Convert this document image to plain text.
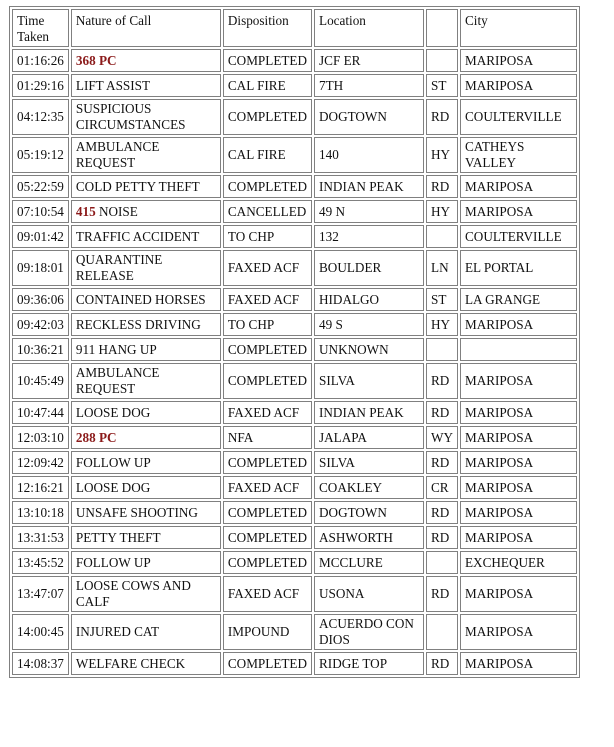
Time Taken	Nature of Call	Disposition	Location		City
01:16:26	368 PC	COMPLETED	JCF ER		MARIPOSA
01:29:16	LIFT ASSIST	CAL FIRE	7TH	ST	MARIPOSA
04:12:35	SUSPICIOUS CIRCUMSTANCES	COMPLETED	DOGTOWN	RD	COULTERVILLE
05:19:12	AMBULANCE REQUEST	CAL FIRE	140	HY	CATHEYS VALLEY
05:22:59	COLD PETTY THEFT	COMPLETED	INDIAN PEAK	RD	MARIPOSA
07:10:54	415 NOISE	CANCELLED	49 N	HY	MARIPOSA
09:01:42	TRAFFIC ACCIDENT	TO CHP	132		COULTERVILLE
09:18:01	QUARANTINE RELEASE	FAXED ACF	BOULDER	LN	EL PORTAL
09:36:06	CONTAINED HORSES	FAXED ACF	HIDALGO	ST	LA GRANGE
09:42:03	RECKLESS DRIVING	TO CHP	49 S	HY	MARIPOSA
10:36:21	911 HANG UP	COMPLETED	UNKNOWN		
10:45:49	AMBULANCE REQUEST	COMPLETED	SILVA	RD	MARIPOSA
10:47:44	LOOSE DOG	FAXED ACF	INDIAN PEAK	RD	MARIPOSA
12:03:10	288 PC	NFA	JALAPA	WY	MARIPOSA
12:09:42	FOLLOW UP	COMPLETED	SILVA	RD	MARIPOSA
12:16:21	LOOSE DOG	FAXED ACF	COAKLEY	CR	MARIPOSA
13:10:18	UNSAFE SHOOTING	COMPLETED	DOGTOWN	RD	MARIPOSA
13:31:53	PETTY THEFT	COMPLETED	ASHWORTH	RD	MARIPOSA
13:45:52	FOLLOW UP	COMPLETED	MCCLURE		EXCHEQUER
13:47:07	LOOSE COWS AND CALF	FAXED ACF	USONA	RD	MARIPOSA
14:00:45	INJURED CAT	IMPOUND	ACUERDO CON DIOS		MARIPOSA
14:08:37	WELFARE CHECK	COMPLETED	RIDGE TOP	RD	MARIPOSA
